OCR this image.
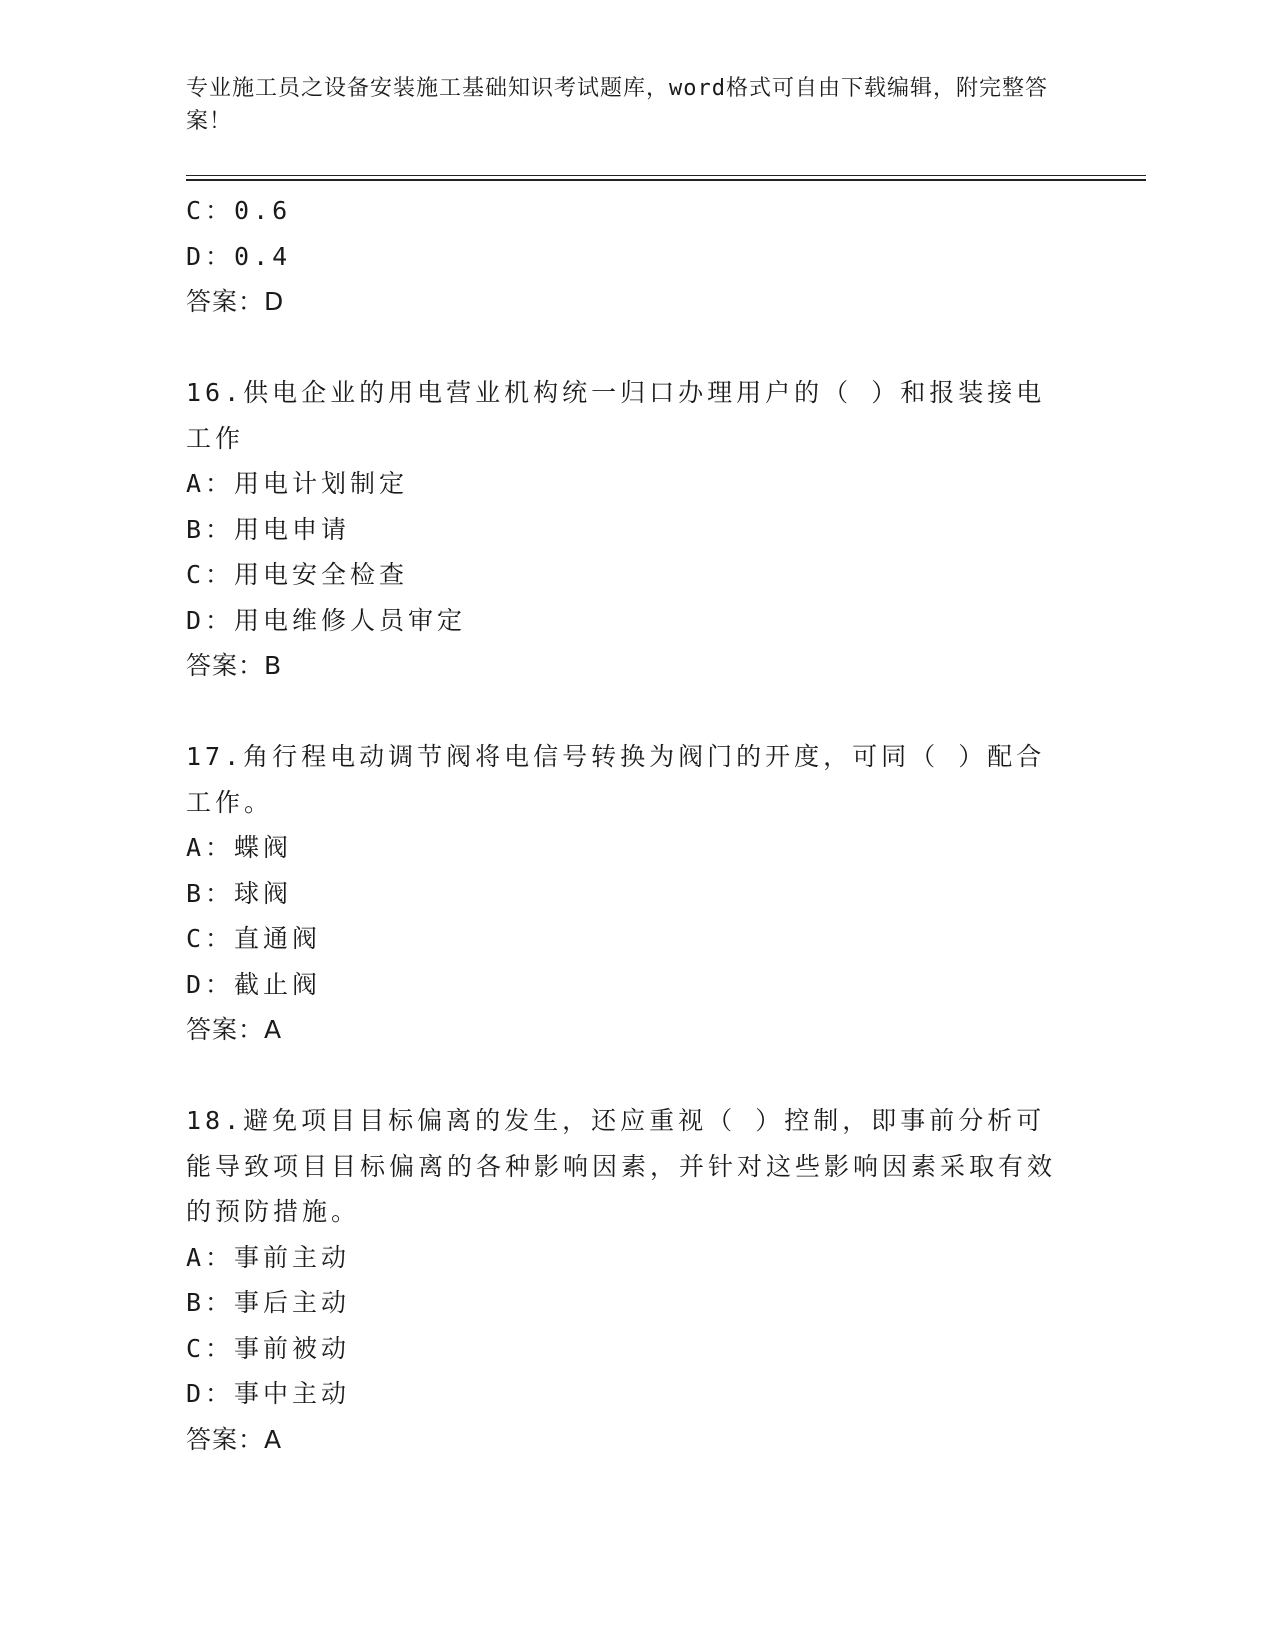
专业施工员之设备安装施工基础知识考试题库，word格式可自由下载编辑，附完整答案！

C：0.6

D：0.4

答案：D

16.供电企业的用电营业机构统一归口办理用户的（ ）和报装接电工作

A：用电计划制定

B：用电申请

C：用电安全检查

D：用电维修人员审定

答案：B

17.角行程电动调节阀将电信号转换为阀门的开度，可同（ ）配合工作。

A：蝶阀

B：球阀

C：直通阀

D：截止阀

答案：A

18.避免项目目标偏离的发生，还应重视（ ）控制，即事前分析可能导致项目目标偏离的各种影响因素，并针对这些影响因素采取有效的预防措施。

A：事前主动

B：事后主动

C：事前被动

D：事中主动

答案：A
